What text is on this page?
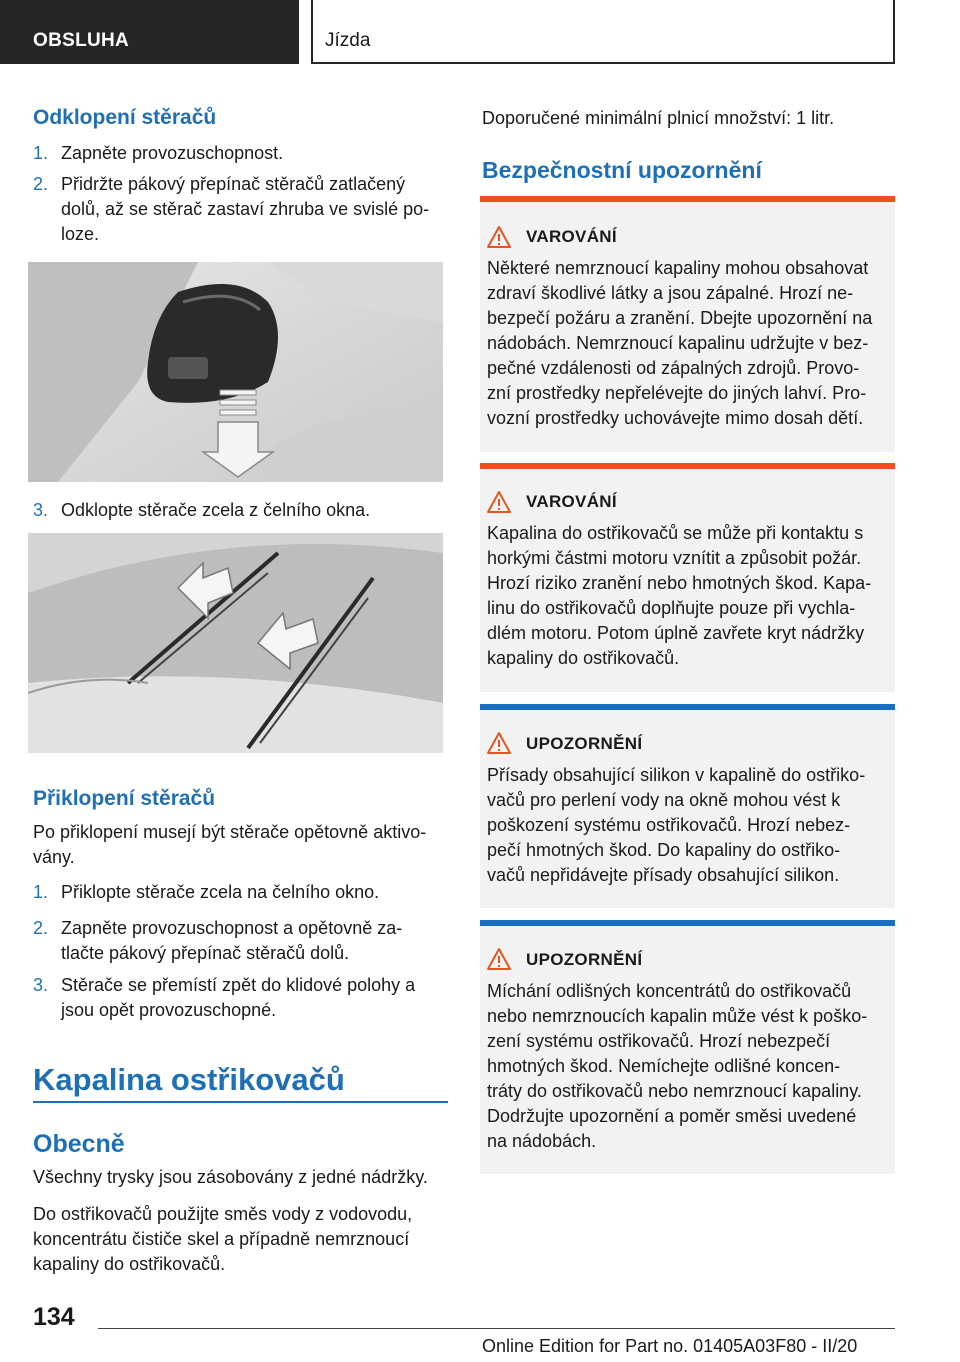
OBSLUHA	Jízda
Odklopení stěračů
1. Zapněte provozuschopnost.
2. Přidržte pákový přepínač stěračů zatlačený
dolů, až se stěrač zastaví zhruba ve svislé po-
loze.
3. Odklopte stěrače zcela z čelního okna.
Přiklopení stěračů
Po přiklopení musejí být stěrače opětovně aktivo-
vány.
1. Přiklopte stěrače zcela na čelního okno.
2. Zapněte provozuschopnost a opětovně za-
tlačte pákový přepínač stěračů dolů.
3. Stěrače se přemístí zpět do klidové polohy a
jsou opět provozuschopné.
Kapalina ostřikovačů
Obecně
Všechny trysky jsou zásobovány z jedné nádržky.
Do ostřikovačů použijte směs vody z vodovodu,
koncentrátu čističe skel a případně nemrznoucí
kapaliny do ostřikovačů.
Doporučené minimální plnicí množství: 1 litr.
Bezpečnostní upozornění
VAROVÁNÍ
Některé nemrznoucí kapaliny mohou obsahovat
zdraví škodlivé látky a jsou zápalné. Hrozí ne-
bezpečí požáru a zranění. Dbejte upozornění na
nádobách. Nemrznoucí kapalinu udržujte v bez-
pečné vzdálenosti od zápalných zdrojů. Provo-
zní prostředky nepřelévejte do jiných lahví. Pro-
vozní prostředky uchovávejte mimo dosah dětí.
VAROVÁNÍ
Kapalina do ostřikovačů se může při kontaktu s
horkými částmi motoru vznítit a způsobit požár.
Hrozí riziko zranění nebo hmotných škod. Kapa-
linu do ostřikovačů doplňujte pouze při vychla-
dlém motoru. Potom úplně zavřete kryt nádržky
kapaliny do ostřikovačů.
UPOZORNĚNÍ
Přísady obsahující silikon v kapalině do ostřiko-
vačů pro perlení vody na okně mohou vést k
poškození systému ostřikovačů. Hrozí nebez-
pečí hmotných škod. Do kapaliny do ostřiko-
vačů nepřidávejte přísady obsahující silikon.
UPOZORNĚNÍ
Míchání odlišných koncentrátů do ostřikovačů
nebo nemrznoucích kapalin může vést k poško-
zení systému ostřikovačů. Hrozí nebezpečí
hmotných škod. Nemíchejte odlišné koncen-
tráty do ostřikovačů nebo nemrznoucí kapaliny.
Dodržujte upozornění a poměr směsi uvedené
na nádobách.
134
Online Edition for Part no. 01405A03F80 - II/20
